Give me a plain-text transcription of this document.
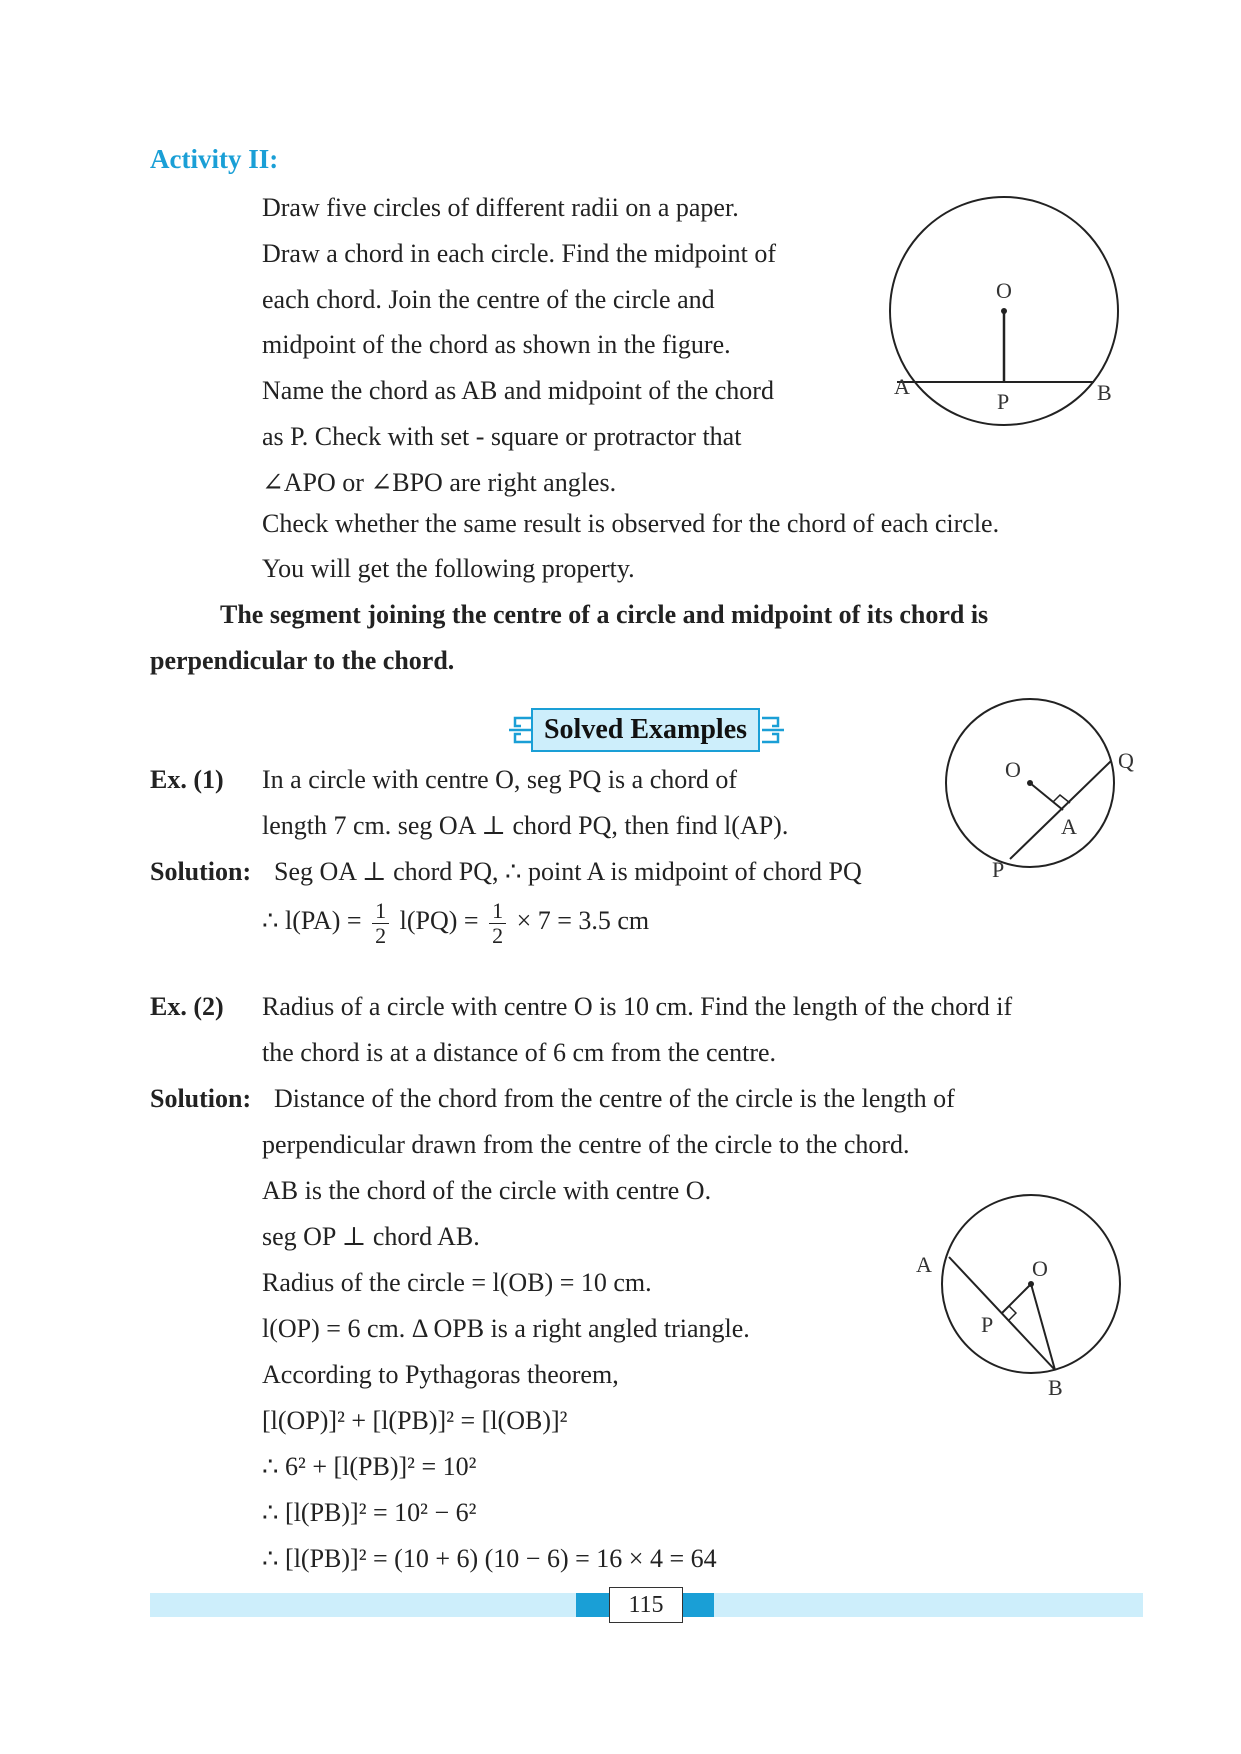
Activity II:
Draw five circles of different radii on a paper.
Draw a chord in each circle. Find the midpoint of
each chord. Join the centre of the circle and
midpoint of the chord as shown in the figure.
Name the chord as AB and midpoint of the chord
as P. Check with set - square or protractor that
∠APO or ∠BPO are right angles.
Check whether the same result is observed for the chord of each circle.
You will get the following property.
The segment joining the centre of a circle and midpoint of its chord is
perpendicular to the chord.
O
A
P	B
Solved Examples
Ex. (1) In a circle with centre O, seg PQ is a chord of
length 7 cm. seg OA ⊥ chord PQ, then find l(AP).
Solution: Seg OA ⊥ chord PQ, ∴ point A is midpoint of chord PQ
∴ $l(PA) = \frac{1}{2} l(PQ) = \frac{1}{2} \times 7 = 3.5$ cm
O	Q
A
P
Ex. (2) Radius of a circle with centre O is 10 cm. Find the length of the chord if
the chord is at a distance of 6 cm from the centre.
Solution: Distance of the chord from the centre of the circle is the length of
perpendicular drawn from the centre of the circle to the chord.
AB is the chord of the circle with centre O.
seg OP ⊥ chord AB.
Radius of the circle = l(OB) = 10 cm.
l(OP) = 6 cm. Δ OPB is a right angled triangle.
According to Pythagoras theorem,
[l(OP)]² + [l(PB)]² = [l(OB)]²
∴ 6² + [l(PB)]² = 10²
∴ [l(PB)]² = 10² − 6²
∴ [l(PB)]² = (10 + 6) (10 − 6) = 16 × 4 = 64
A	O
P
B
115
